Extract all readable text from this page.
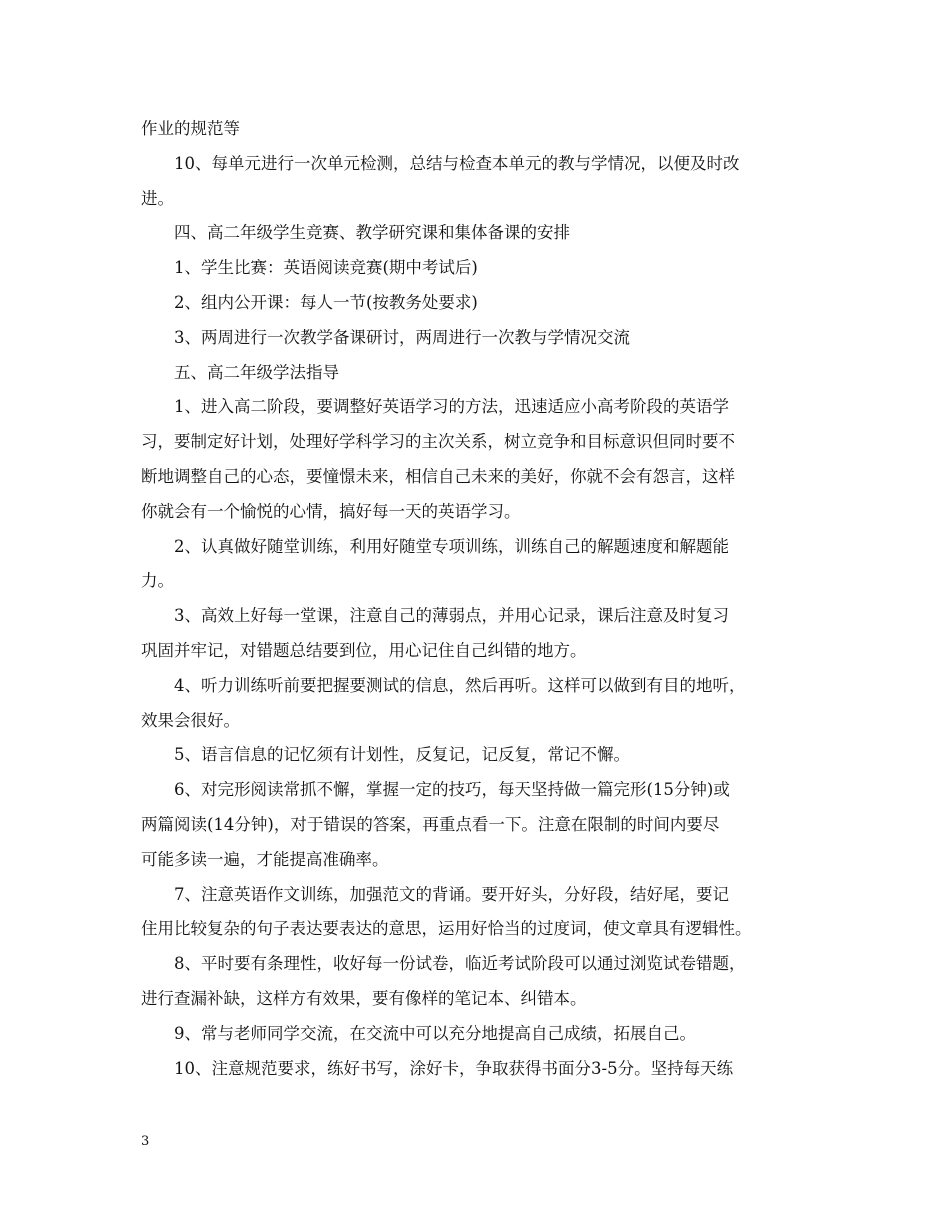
作业的规范等
10、每单元进行一次单元检测，总结与检查本单元的教与学情况，以便及时改
进。
四、高二年级学生竞赛、教学研究课和集体备课的安排
1、学生比赛：英语阅读竞赛(期中考试后)
2、组内公开课：每人一节(按教务处要求)
3、两周进行一次教学备课研讨，两周进行一次教与学情况交流
五、高二年级学法指导
1、进入高二阶段，要调整好英语学习的方法，迅速适应小高考阶段的英语学
习，要制定好计划，处理好学科学习的主次关系，树立竞争和目标意识但同时要不
断地调整自己的心态，要憧憬未来，相信自己未来的美好，你就不会有怨言，这样
你就会有一个愉悦的心情，搞好每一天的英语学习。
2、认真做好随堂训练，利用好随堂专项训练，训练自己的解题速度和解题能
力。
3、高效上好每一堂课，注意自己的薄弱点，并用心记录，课后注意及时复习
巩固并牢记，对错题总结要到位，用心记住自己纠错的地方。
4、听力训练听前要把握要测试的信息，然后再听。这样可以做到有目的地听，
效果会很好。
5、语言信息的记忆须有计划性，反复记，记反复，常记不懈。
6、对完形阅读常抓不懈，掌握一定的技巧，每天坚持做一篇完形(15分钟)或
两篇阅读(14分钟)，对于错误的答案，再重点看一下。注意在限制的时间内要尽
可能多读一遍，才能提高准确率。
7、注意英语作文训练，加强范文的背诵。要开好头，分好段，结好尾，要记
住用比较复杂的句子表达要表达的意思，运用好恰当的过度词，使文章具有逻辑性。
8、平时要有条理性，收好每一份试卷，临近考试阶段可以通过浏览试卷错题，
进行查漏补缺，这样方有效果，要有像样的笔记本、纠错本。
9、常与老师同学交流，在交流中可以充分地提高自己成绩，拓展自己。
10、注意规范要求，练好书写，涂好卡，争取获得书面分3-5分。坚持每天练
3
